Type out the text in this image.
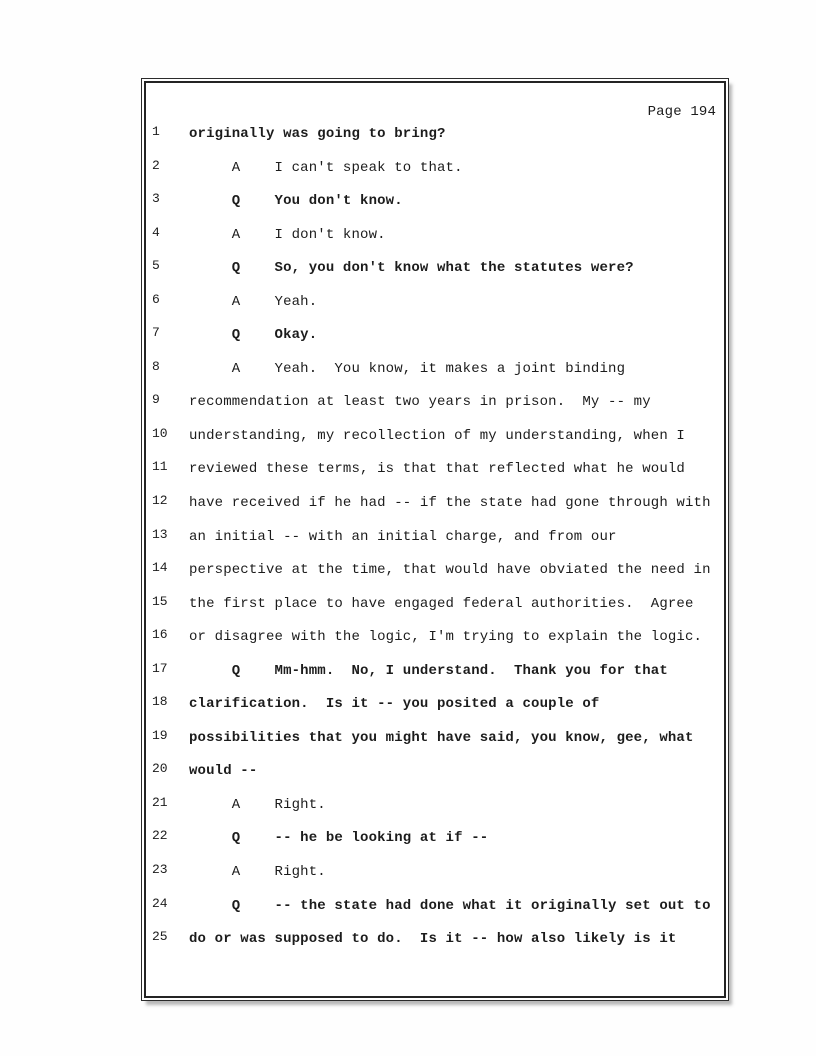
Page 194
1	originally was going to bring?
2	A    I can't speak to that.
3	Q    You don't know.
4	A    I don't know.
5	Q    So, you don't know what the statutes were?
6	A    Yeah.
7	Q    Okay.
8	A    Yeah.  You know, it makes a joint binding
9	recommendation at least two years in prison.  My -- my
10	understanding, my recollection of my understanding, when I
11	reviewed these terms, is that that reflected what he would
12	have received if he had -- if the state had gone through with
13	an initial -- with an initial charge, and from our
14	perspective at the time, that would have obviated the need in
15	the first place to have engaged federal authorities.  Agree
16	or disagree with the logic, I'm trying to explain the logic.
17	Q    Mm-hmm.  No, I understand.  Thank you for that
18	clarification.  Is it -- you posited a couple of
19	possibilities that you might have said, you know, gee, what
20	would --
21	A    Right.
22	Q    -- he be looking at if --
23	A    Right.
24	Q    -- the state had done what it originally set out to
25	do or was supposed to do.  Is it -- how also likely is it
